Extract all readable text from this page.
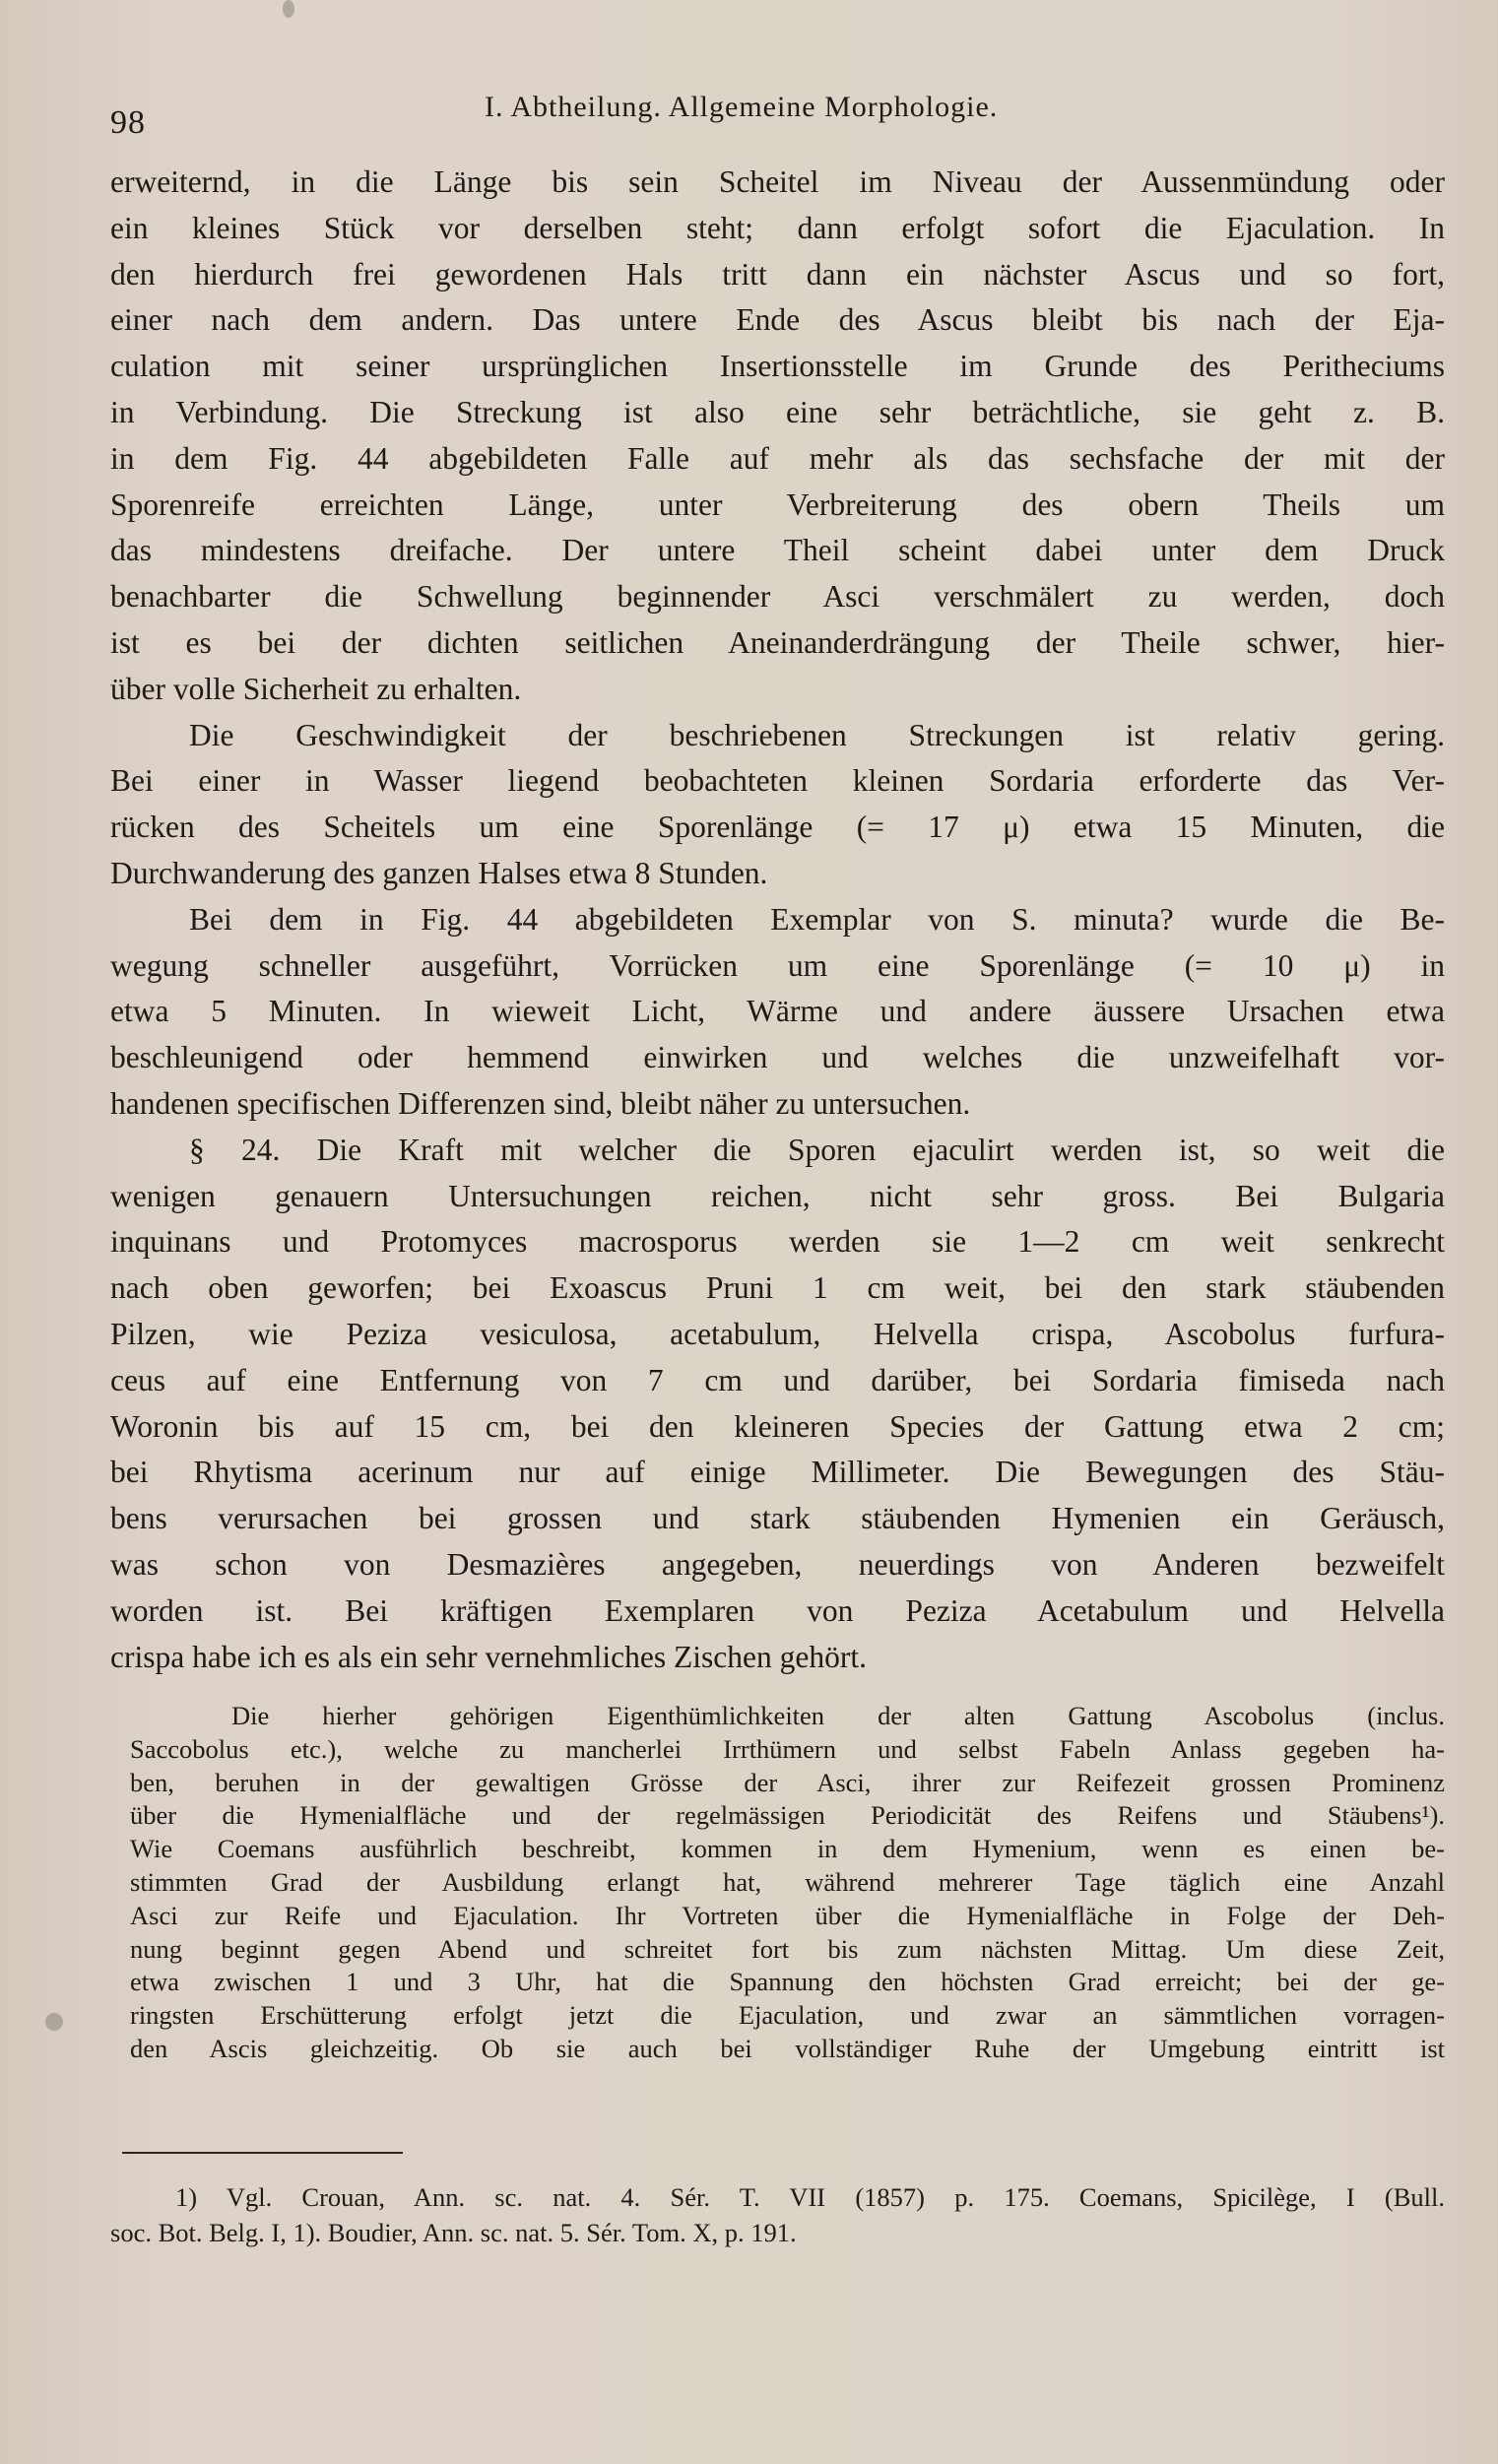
98	I. Abtheilung. Allgemeine Morphologie.
erweiternd, in die Länge bis sein Scheitel im Niveau der Aussenmündung oder
ein kleines Stück vor derselben steht; dann erfolgt sofort die Ejaculation. In
den hierdurch frei gewordenen Hals tritt dann ein nächster Ascus und so fort,
einer nach dem andern. Das untere Ende des Ascus bleibt bis nach der Eja-
culation mit seiner ursprünglichen Insertionsstelle im Grunde des Peritheciums
in Verbindung. Die Streckung ist also eine sehr beträchtliche, sie geht z. B.
in dem Fig. 44 abgebildeten Falle auf mehr als das sechsfache der mit der
Sporenreife erreichten Länge, unter Verbreiterung des obern Theils um
das mindestens dreifache. Der untere Theil scheint dabei unter dem Druck
benachbarter die Schwellung beginnender Asci verschmälert zu werden, doch
ist es bei der dichten seitlichen Aneinanderdrängung der Theile schwer, hier-
über volle Sicherheit zu erhalten.
Die Geschwindigkeit der beschriebenen Streckungen ist relativ gering.
Bei einer in Wasser liegend beobachteten kleinen Sordaria erforderte das Ver-
rücken des Scheitels um eine Sporenlänge (= 17 μ) etwa 15 Minuten, die
Durchwanderung des ganzen Halses etwa 8 Stunden.
Bei dem in Fig. 44 abgebildeten Exemplar von S. minuta? wurde die Be-
wegung schneller ausgeführt, Vorrücken um eine Sporenlänge (= 10 μ) in
etwa 5 Minuten. In wieweit Licht, Wärme und andere äussere Ursachen etwa
beschleunigend oder hemmend einwirken und welches die unzweifelhaft vor-
handenen specifischen Differenzen sind, bleibt näher zu untersuchen.
§ 24. Die Kraft mit welcher die Sporen ejaculirt werden ist, so weit die
wenigen genauern Untersuchungen reichen, nicht sehr gross. Bei Bulgaria
inquinans und Protomyces macrosporus werden sie 1—2 cm weit senkrecht
nach oben geworfen; bei Exoascus Pruni 1 cm weit, bei den stark stäubenden
Pilzen, wie Peziza vesiculosa, acetabulum, Helvella crispa, Ascobolus furfura-
ceus auf eine Entfernung von 7 cm und darüber, bei Sordaria fimiseda nach
Woronin bis auf 15 cm, bei den kleineren Species der Gattung etwa 2 cm;
bei Rhytisma acerinum nur auf einige Millimeter. Die Bewegungen des Stäu-
bens verursachen bei grossen und stark stäubenden Hymenien ein Geräusch,
was schon von Desmazières angegeben, neuerdings von Anderen bezweifelt
worden ist. Bei kräftigen Exemplaren von Peziza Acetabulum und Helvella
crispa habe ich es als ein sehr vernehmliches Zischen gehört.
Die hierher gehörigen Eigenthümlichkeiten der alten Gattung Ascobolus (inclus.
Saccobolus etc.), welche zu mancherlei Irrthümern und selbst Fabeln Anlass gegeben ha-
ben, beruhen in der gewaltigen Grösse der Asci, ihrer zur Reifezeit grossen Prominenz
über die Hymenialfläche und der regelmässigen Periodicität des Reifens und Stäubens¹).
Wie Coemans ausführlich beschreibt, kommen in dem Hymenium, wenn es einen be-
stimmten Grad der Ausbildung erlangt hat, während mehrerer Tage täglich eine Anzahl
Asci zur Reife und Ejaculation. Ihr Vortreten über die Hymenialfläche in Folge der Deh-
nung beginnt gegen Abend und schreitet fort bis zum nächsten Mittag. Um diese Zeit,
etwa zwischen 1 und 3 Uhr, hat die Spannung den höchsten Grad erreicht; bei der ge-
ringsten Erschütterung erfolgt jetzt die Ejaculation, und zwar an sämmtlichen vorragen-
den Ascis gleichzeitig. Ob sie auch bei vollständiger Ruhe der Umgebung eintritt ist
1) Vgl. Crouan, Ann. sc. nat. 4. Sér. T. VII (1857) p. 175. Coemans, Spicilège, I (Bull.
soc. Bot. Belg. I, 1). Boudier, Ann. sc. nat. 5. Sér. Tom. X, p. 191.
